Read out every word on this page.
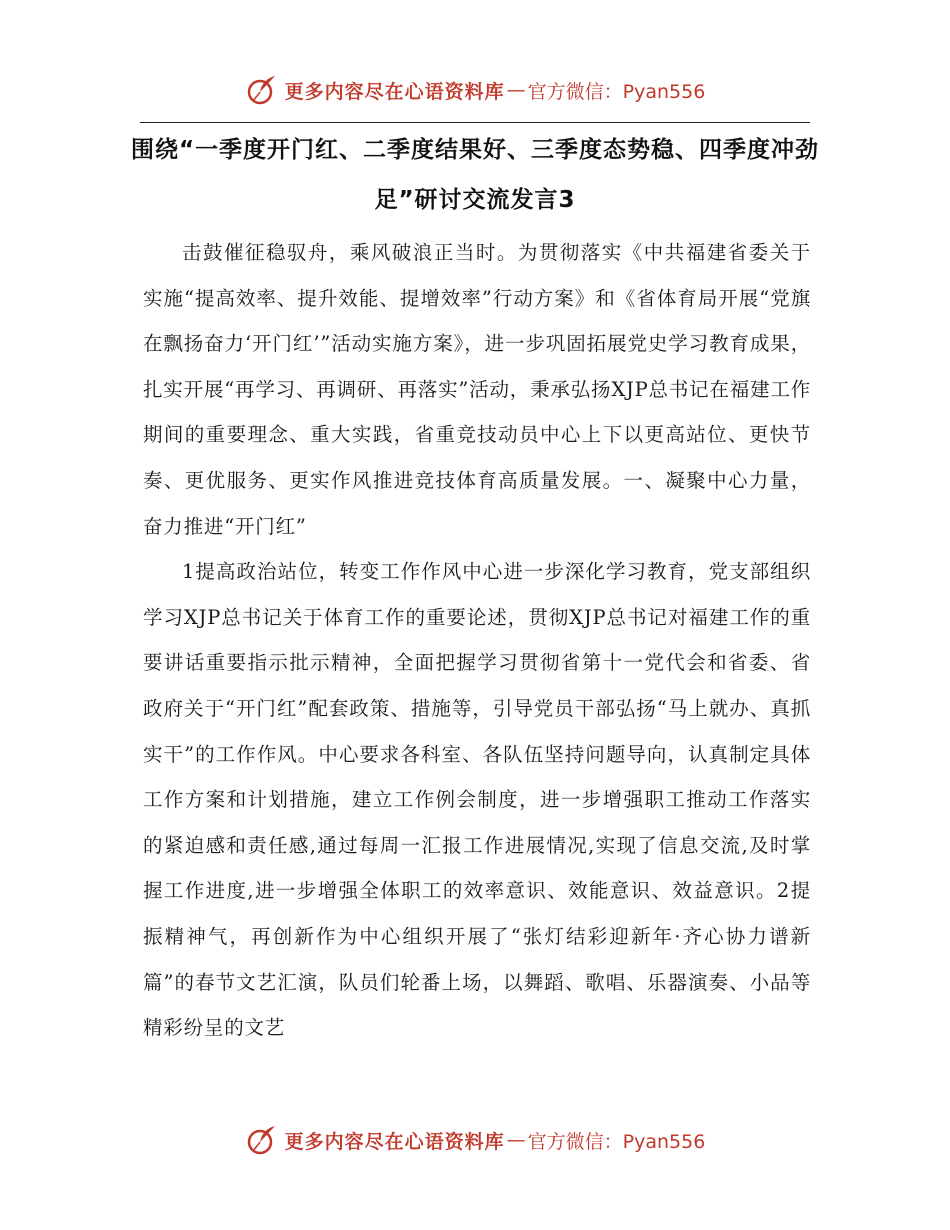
更多内容尽在心语资料库 — 官方微信：Pyan556
围绕“一季度开门红、二季度结果好、三季度态势稳、四季度冲劲足”研讨交流发言3

击鼓催征稳驭舟，乘风破浪正当时。为贯彻落实《中共福建省委关于实施“提高效率、提升效能、提增效率”行动方案》和《省体育局开展“党旗在飘扬奋力‘开门红’”活动实施方案》，进一步巩固拓展党史学习教育成果，扎实开展“再学习、再调研、再落实”活动，秉承弘扬XJP总书记在福建工作期间的重要理念、重大实践，省重竞技动员中心上下以更高站位、更快节奏、更优服务、更实作风推进竞技体育高质量发展。一、凝聚中心力量，奋力推进“开门红”

1提高政治站位，转变工作作风中心进一步深化学习教育，党支部组织学习XJP总书记关于体育工作的重要论述，贯彻XJP总书记对福建工作的重要讲话重要指示批示精神，全面把握学习贯彻省第十一党代会和省委、省政府关于“开门红”配套政策、措施等，引导党员干部弘扬“马上就办、真抓实干”的工作作风。中心要求各科室、各队伍坚持问题导向，认真制定具体工作方案和计划措施，建立工作例会制度，进一步增强职工推动工作落实的紧迫感和责任感,通过每周一汇报工作进展情况,实现了信息交流,及时掌握工作进度,进一步增强全体职工的效率意识、效能意识、效益意识。2提振精神气，再创新作为中心组织开展了“张灯结彩迎新年·齐心协力谱新篇”的春节文艺汇演，队员们轮番上场，以舞蹈、歌唱、乐器演奏、小品等精彩纷呈的文艺

更多内容尽在心语资料库 — 官方微信：Pyan556
